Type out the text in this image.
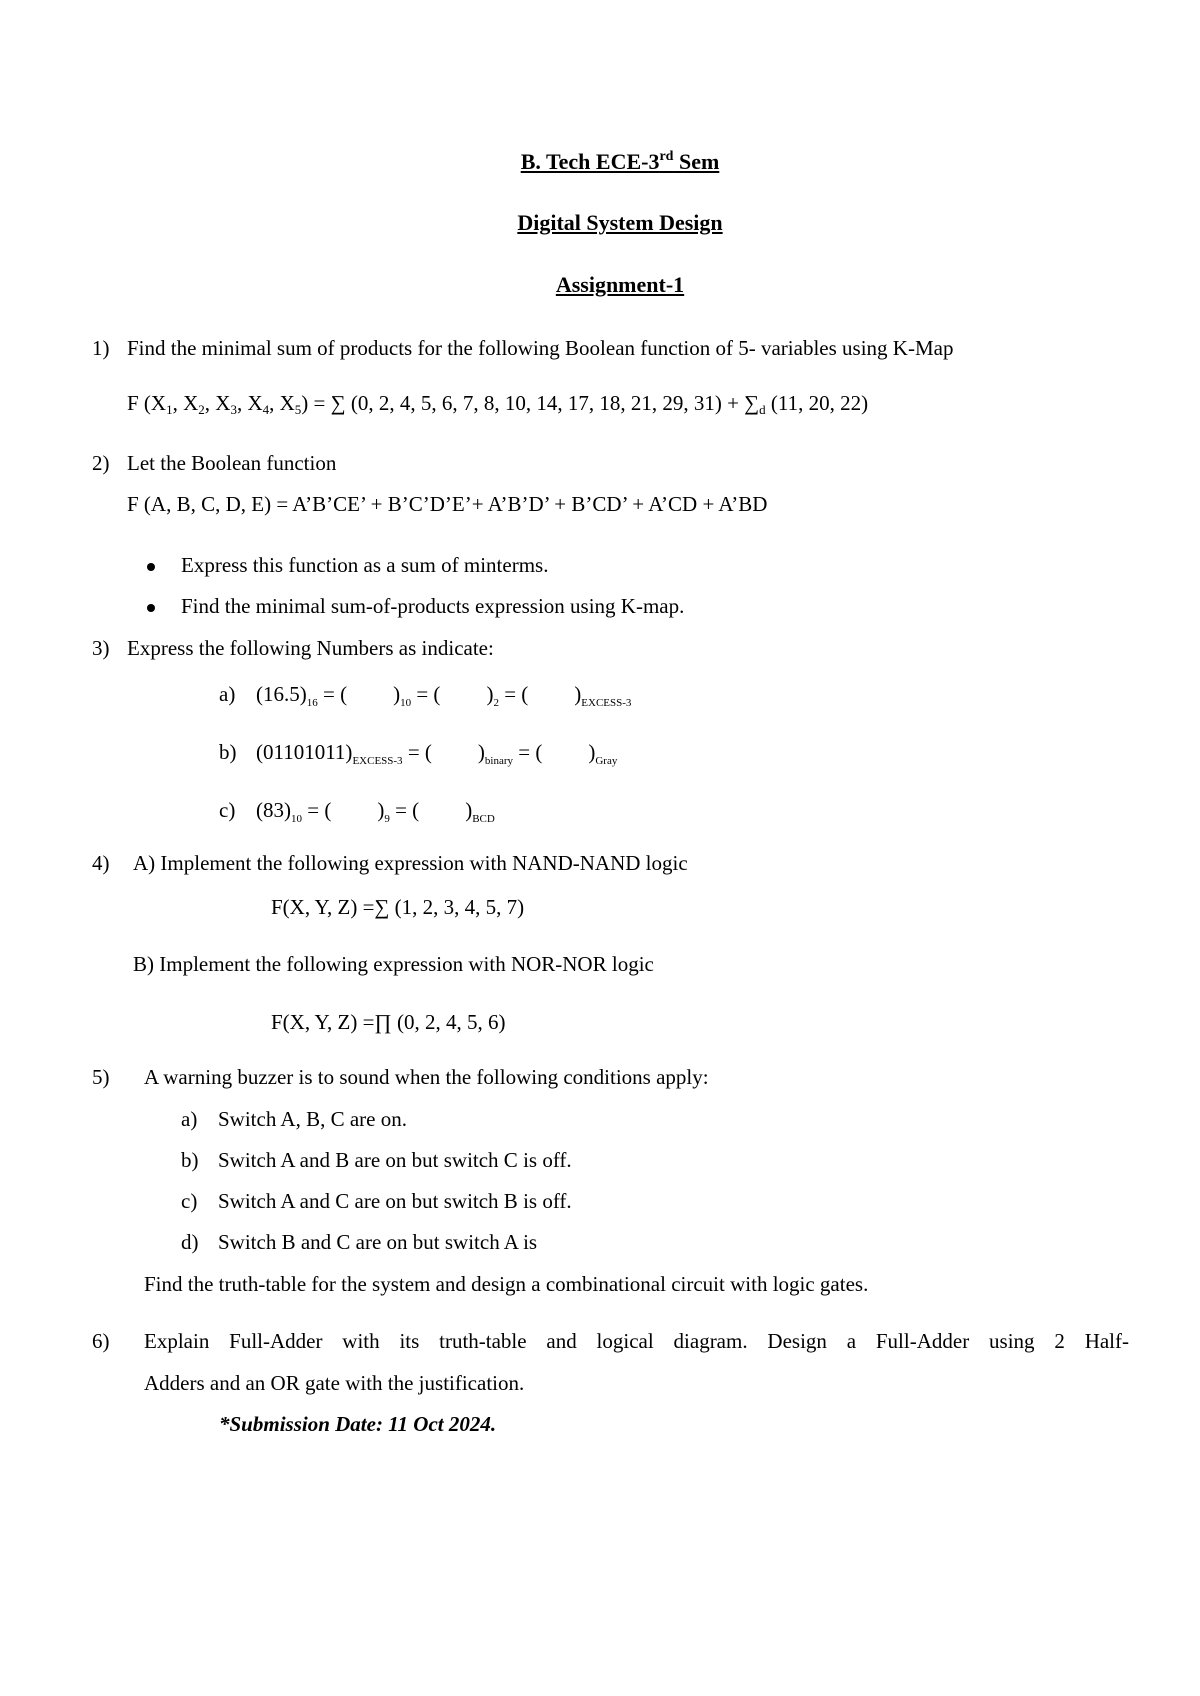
B. Tech ECE-3rd Sem
Digital System Design
Assignment-1
1) Find the minimal sum of products for the following Boolean function of 5- variables using K-Map
F ($X_1$, $X_2$, $X_3$, $X_4$, $X_5$) = ∑ (0, 2, 4, 5, 6, 7, 8, 10, 14, 17, 18, 21, 29, $31) + \sum_d$ (11, 20, 22)
2) Let the Boolean function
F (A, B, C, D, E) = A’B’CE’ + B’C’D’E’+ A’B’D’ + B’CD’ + A’CD + A’BD
Express this function as a sum of minterms.
Find the minimal sum-of-products expression using K-map.
3) Express the following Numbers as indicate:
a) $(16.5)_{16}$ = ( )$_{10}$ = ( )$_2$ = ( )$_{EXCESS-3}$
b) $(01101011)_{EXCESS-3}$ = ( )$_{binary}$ = ( )$_{Gray}$
c) $(83)_{10}$ = ( )$_9$ = ( )$_{BCD}$
4) A) Implement the following expression with NAND-NAND logic
F(X, Y, Z) =∑ (1, 2, 3, 4, 5, 7)
B) Implement the following expression with NOR-NOR logic
F(X, Y, Z) =∏ (0, 2, 4, 5, 6)
5) A warning buzzer is to sound when the following conditions apply:
a) Switch A, B, C are on.
b) Switch A and B are on but switch C is off.
c) Switch A and C are on but switch B is off.
d) Switch B and C are on but switch A is
Find the truth-table for the system and design a combinational circuit with logic gates.
6) Explain Full-Adder with its truth-table and logical diagram. Design a Full-Adder using 2 Half-
Adders and an OR gate with the justification.
*Submission Date: 11 Oct 2024.
